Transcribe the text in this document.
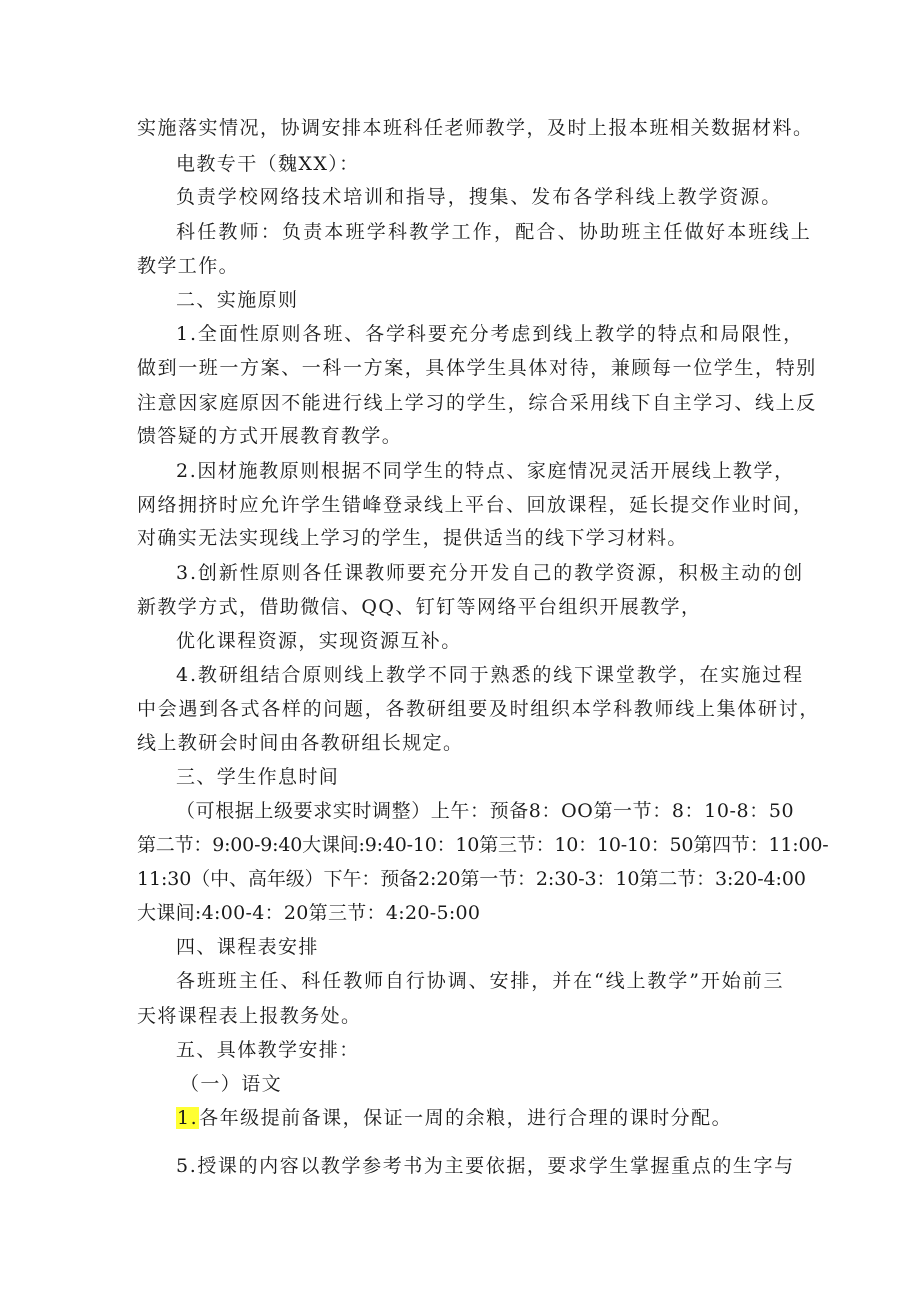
实施落实情况，协调安排本班科任老师教学，及时上报本班相关数据材料。
电教专干（魏XX）：
负责学校网络技术培训和指导，搜集、发布各学科线上教学资源。
科任教师：负责本班学科教学工作，配合、协助班主任做好本班线上
教学工作。
二、实施原则
1.全面性原则各班、各学科要充分考虑到线上教学的特点和局限性，
做到一班一方案、一科一方案，具体学生具体对待，兼顾每一位学生，特别
注意因家庭原因不能进行线上学习的学生，综合采用线下自主学习、线上反
馈答疑的方式开展教育教学。
2.因材施教原则根据不同学生的特点、家庭情况灵活开展线上教学，
网络拥挤时应允许学生错峰登录线上平台、回放课程，延长提交作业时间，
对确实无法实现线上学习的学生，提供适当的线下学习材料。
3.创新性原则各任课教师要充分开发自己的教学资源，积极主动的创
新教学方式，借助微信、QQ、钉钉等网络平台组织开展教学，
优化课程资源，实现资源互补。
4.教研组结合原则线上教学不同于熟悉的线下课堂教学，在实施过程
中会遇到各式各样的问题，各教研组要及时组织本学科教师线上集体研讨，
线上教研会时间由各教研组长规定。
三、学生作息时间
（可根据上级要求实时调整）上午：预备8：OO第一节：8：10-8：50
第二节：9:00-9:40大课间:9:40-10：10第三节：10：10-10：50第四节：11:00-
11:30（中、高年级）下午：预备2:20第一节：2:30-3：10第二节：3:20-4:00
大课间:4:00-4：20第三节：4:20-5:00
四、课程表安排
各班班主任、科任教师自行协调、安排，并在“线上教学”开始前三
天将课程表上报教务处。
五、具体教学安排：
（一）语文
1.各年级提前备课，保证一周的余粮，进行合理的课时分配。
5.授课的内容以教学参考书为主要依据，要求学生掌握重点的生字与
